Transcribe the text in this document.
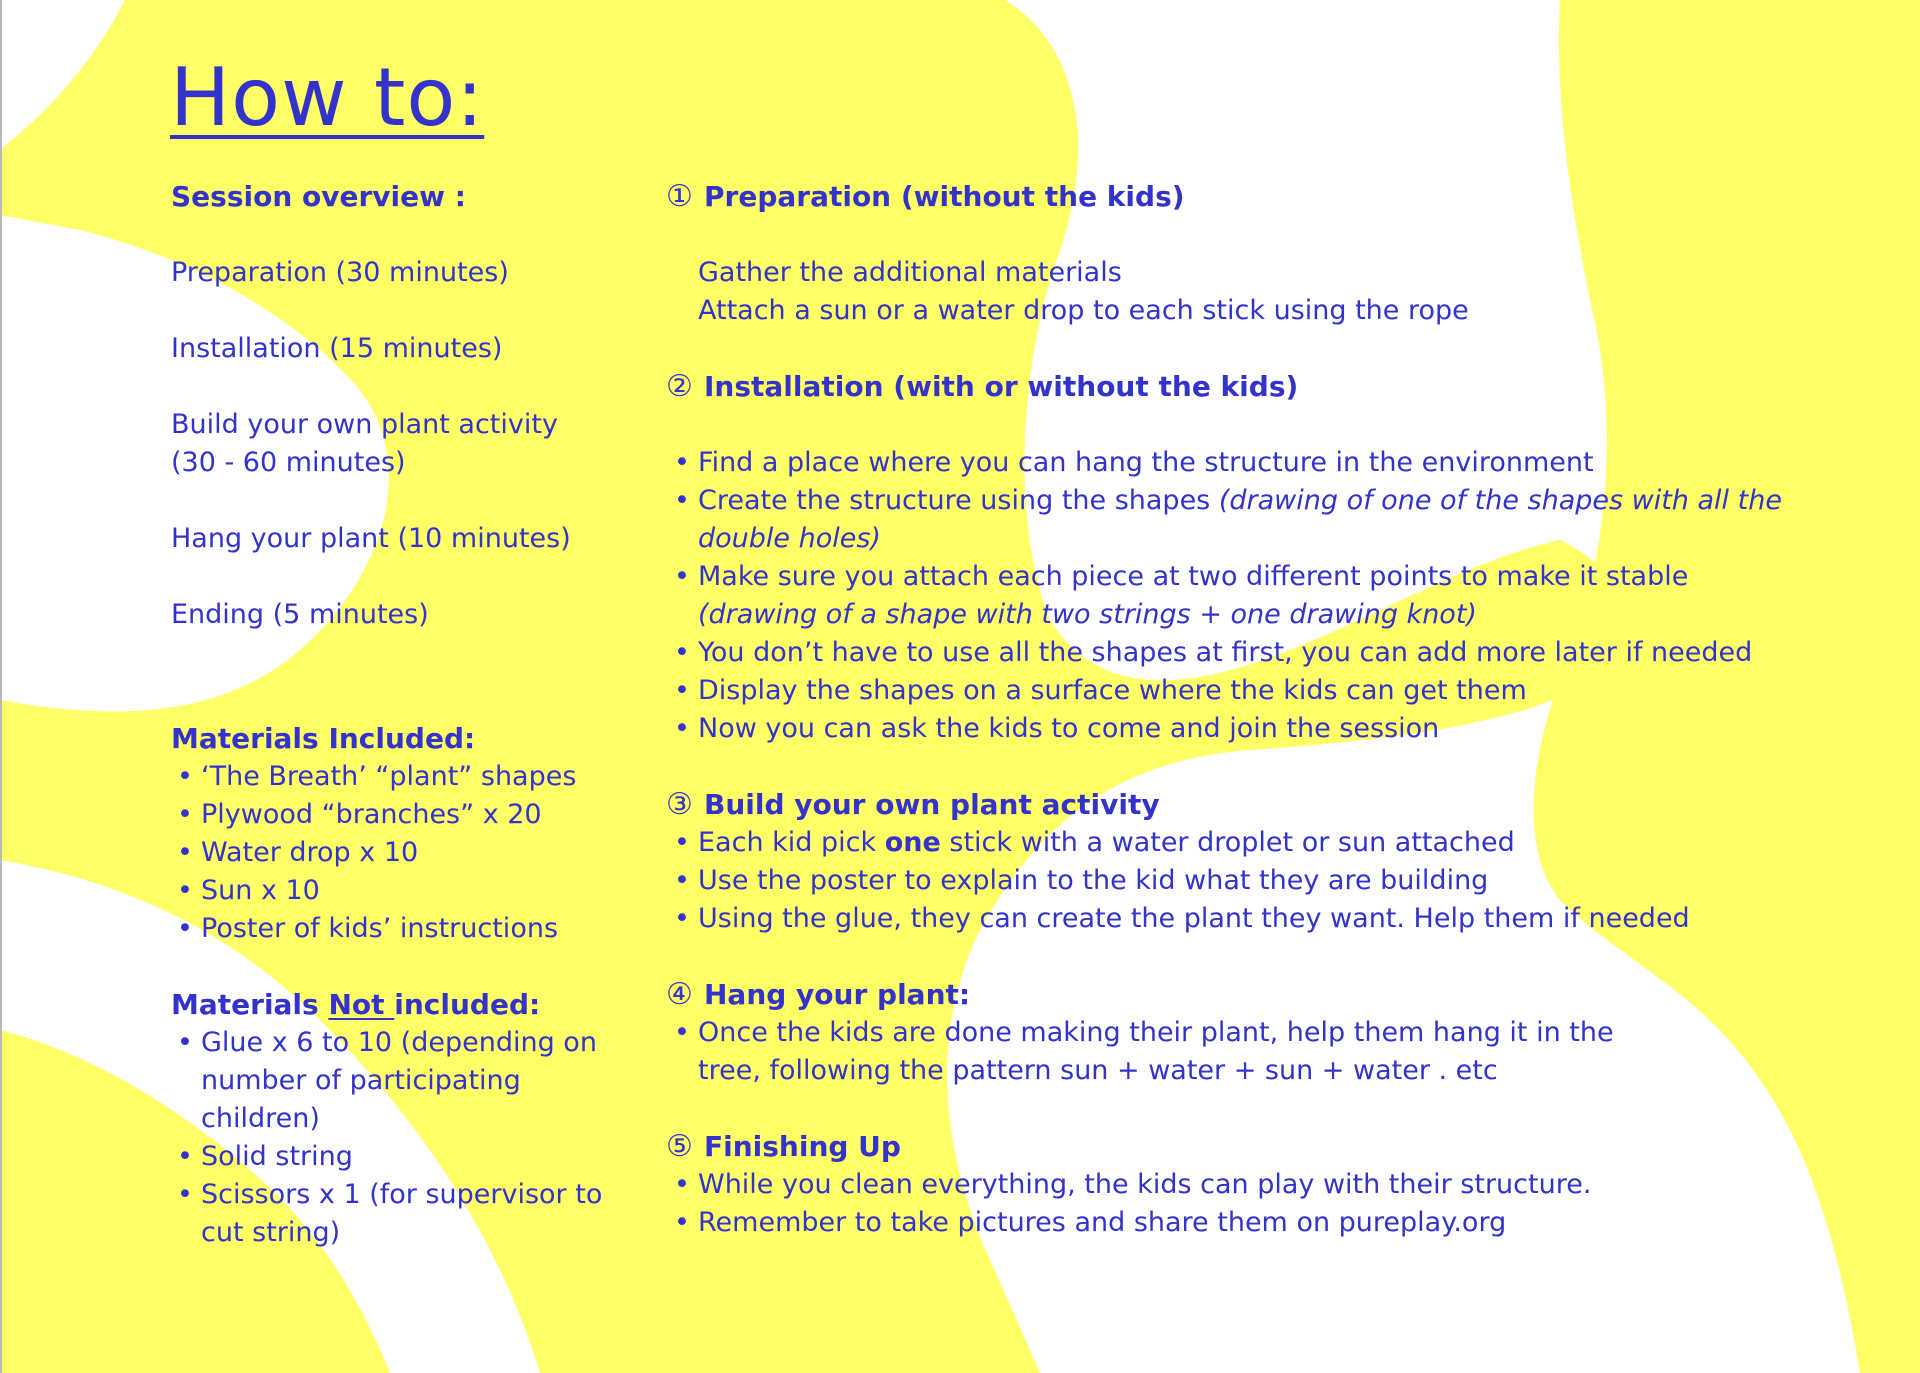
How to:

Session overview :

Preparation (30 minutes)

Installation (15 minutes)

Build your own plant activity

(30 - 60 minutes)

Hang your plant (10 minutes)

Ending (5 minutes)

Materials Included:

• ‘The Breath’ “plant” shapes
• Plywood “branches” x 20
• Water drop x 10
• Sun x 10
• Poster of kids’ instructions

Materials Not included:

• Glue x 6 to 10 (depending on number of participating children)
• Solid string
• Scissors x 1 (for supervisor to cut string)

① Preparation (without the kids)

Gather the additional materials

Attach a sun or a water drop to each stick using the rope

② Installation (with or without the kids)

• Find a place where you can hang the structure in the environment
• Create the structure using the shapes (drawing of one of the shapes with all the double holes)
• Make sure you attach each piece at two different points to make it stable (drawing of a shape with two strings + one drawing knot)
• You don’t have to use all the shapes at first, you can add more later if needed
• Display the shapes on a surface where the kids can get them
• Now you can ask the kids to come and join the session

③ Build your own plant activity

• Each kid pick one stick with a water droplet or sun attached
• Use the poster to explain to the kid what they are building
• Using the glue, they can create the plant they want. Help them if needed

④ Hang your plant:

• Once the kids are done making their plant, help them hang it in the tree, following the pattern sun + water + sun + water . etc

⑤ Finishing Up

• While you clean everything, the kids can play with their structure.
• Remember to take pictures and share them on pureplay.org
